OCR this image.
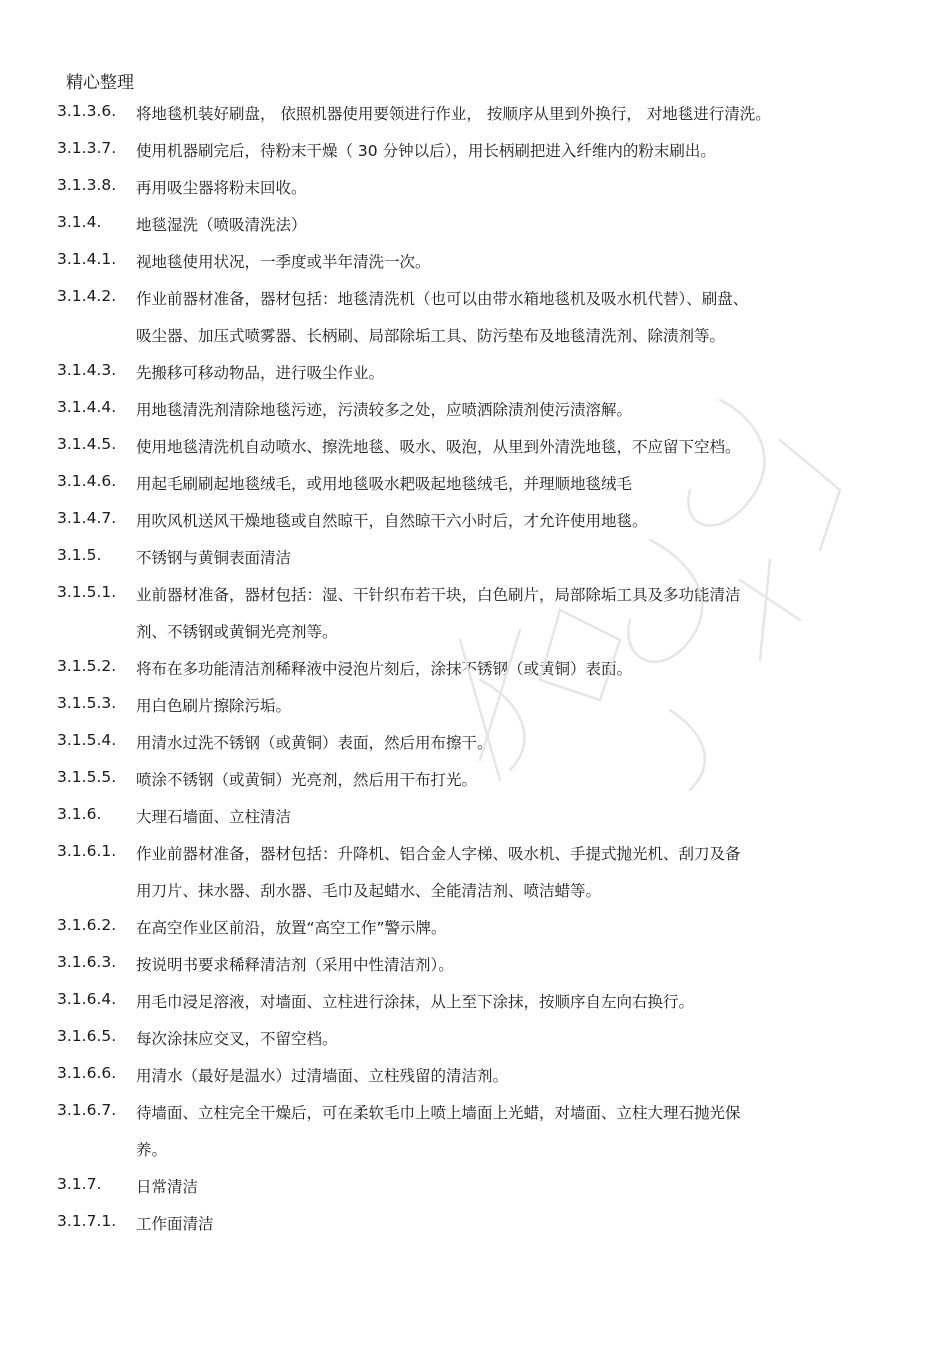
精心整理
3.1.3.6. 将地毯机装好刷盘， 依照机器使用要领进行作业， 按顺序从里到外换行， 对地毯进行清洗。
3.1.3.7. 使用机器刷完后，待粉末干燥（ 30 分钟以后），用长柄刷把进入纤维内的粉末刷出。
3.1.3.8. 再用吸尘器将粉末回收。
3.1.4. 地毯湿洗（喷吸清洗法）
3.1.4.1. 视地毯使用状况，一季度或半年清洗一次。
3.1.4.2. 作业前器材准备，器材包括：地毯清洗机（也可以由带水箱地毯机及吸水机代替）、刷盘、
吸尘器、加压式喷雾器、长柄刷、局部除垢工具、防污垫布及地毯清洗剂、除渍剂等。
3.1.4.3. 先搬移可移动物品，进行吸尘作业。
3.1.4.4. 用地毯清洗剂清除地毯污迹，污渍较多之处，应喷洒除渍剂使污渍溶解。
3.1.4.5. 使用地毯清洗机自动喷水、擦洗地毯、吸水、吸泡，从里到外清洗地毯，不应留下空档。
3.1.4.6. 用起毛刷刷起地毯绒毛，或用地毯吸水耙吸起地毯绒毛，并理顺地毯绒毛
3.1.4.7. 用吹风机送风干燥地毯或自然晾干，自然晾干六小时后，才允许使用地毯。
3.1.5. 不锈钢与黄铜表面清洁
3.1.5.1. 业前器材准备，器材包括：湿、干针织布若干块，白色刷片，局部除垢工具及多功能清洁
剂、不锈钢或黄铜光亮剂等。
3.1.5.2. 将布在多功能清洁剂稀释液中浸泡片刻后，涂抹不锈钢（或黄铜）表面。
3.1.5.3. 用白色刷片擦除污垢。
3.1.5.4. 用清水过洗不锈钢（或黄铜）表面，然后用布擦干。
3.1.5.5. 喷涂不锈钢（或黄铜）光亮剂，然后用干布打光。
3.1.6. 大理石墙面、立柱清洁
3.1.6.1. 作业前器材准备，器材包括：升降机、铝合金人字梯、吸水机、手提式抛光机、刮刀及备
用刀片、抹水器、刮水器、毛巾及起蜡水、全能清洁剂、喷洁蜡等。
3.1.6.2. 在高空作业区前沿，放置“高空工作”警示牌。
3.1.6.3. 按说明书要求稀释清洁剂（采用中性清洁剂）。
3.1.6.4. 用毛巾浸足溶液，对墙面、立柱进行涂抹，从上至下涂抹，按顺序自左向右换行。
3.1.6.5. 每次涂抹应交叉，不留空档。
3.1.6.6. 用清水（最好是温水）过清墙面、立柱残留的清洁剂。
3.1.6.7. 待墙面、立柱完全干燥后，可在柔软毛巾上喷上墙面上光蜡，对墙面、立柱大理石抛光保
养。
3.1.7. 日常清洁
3.1.7.1. 工作面清洁
